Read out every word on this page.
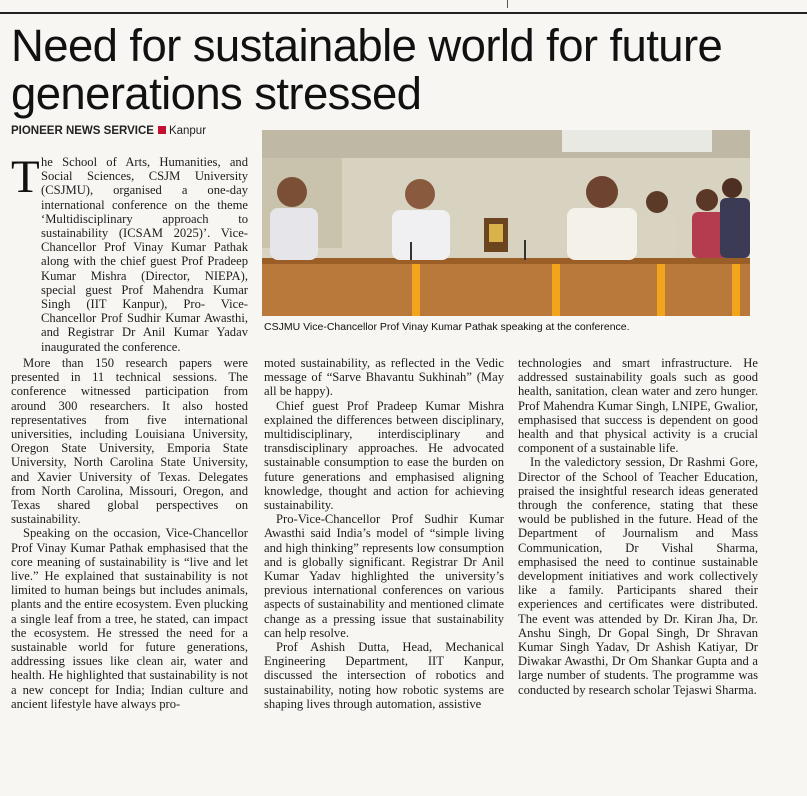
Need for sustainable world for future generations stressed
PIONEER NEWS SERVICE Kanpur
CSJMU Vice-Chancellor Prof Vinay Kumar Pathak speaking at the conference.
T he School of Arts, Humanities, and Social Sciences, CSJM University (CSJMU), organised a one-day international conference on the theme ‘Multidisciplinary approach to sustainability (ICSAM 2025)’. Vice-Chancellor Prof Vinay Kumar Pathak along with the chief guest Prof Pradeep Kumar Mishra (Director, NIEPA), special guest Prof Mahendra Kumar Singh (IIT Kanpur), Pro- Vice-Chancellor Prof Sudhir Kumar Awasthi, and Registrar Dr Anil Kumar Yadav inaugurated the conference.

More than 150 research papers were presented in 11 technical sessions. The conference witnessed participation from around 300 researchers. It also hosted representatives from five international universities, including Louisiana University, Oregon State University, Emporia State University, North Carolina State University, and Xavier University of Texas. Delegates from North Carolina, Missouri, Oregon, and Texas shared global perspectives on sustainability.

Speaking on the occasion, Vice-Chancellor Prof Vinay Kumar Pathak emphasised that the core meaning of sustainability is “live and let live.” He explained that sustainability is not limited to human beings but includes animals, plants and the entire ecosystem. Even plucking a single leaf from a tree, he stated, can impact the ecosystem. He stressed the need for a sustainable world for future generations, addressing issues like clean air, water and health. He highlighted that sustainability is not a new concept for India; Indian culture and ancient lifestyle have always pro-

moted sustainability, as reflected in the Vedic message of “Sarve Bhavantu Sukhinah” (May all be happy).

Chief guest Prof Pradeep Kumar Mishra explained the differences between disciplinary, multidisciplinary, interdisciplinary and transdisciplinary approaches. He advocated sustainable consumption to ease the burden on future generations and emphasised aligning knowledge, thought and action for achieving sustainability.

Pro-Vice-Chancellor Prof Sudhir Kumar Awasthi said India’s model of “simple living and high thinking” represents low consumption and is globally significant. Registrar Dr Anil Kumar Yadav highlighted the university’s previous international conferences on various aspects of sustainability and mentioned climate change as a pressing issue that sustainability can help resolve.

Prof Ashish Dutta, Head, Mechanical Engineering Department, IIT Kanpur, discussed the intersection of robotics and sustainability, noting how robotic systems are shaping lives through automation, assistive

technologies and smart infrastructure. He addressed sustainability goals such as good health, sanitation, clean water and zero hunger. Prof Mahendra Kumar Singh, LNIPE, Gwalior, emphasised that success is dependent on good health and that physical activity is a crucial component of a sustainable life.

In the valedictory session, Dr Rashmi Gore, Director of the School of Teacher Education, praised the insightful research ideas generated through the conference, stating that these would be published in the future. Head of the Department of Journalism and Mass Communication, Dr Vishal Sharma, emphasised the need to continue sustainable development initiatives and work collectively like a family. Participants shared their experiences and certificates were distributed. The event was attended by Dr. Kiran Jha, Dr. Anshu Singh, Dr Gopal Singh, Dr Shravan Kumar Singh Yadav, Dr Ashish Katiyar, Dr Diwakar Awasthi, Dr Om Shankar Gupta and a large number of students. The programme was conducted by research scholar Tejaswi Sharma.
